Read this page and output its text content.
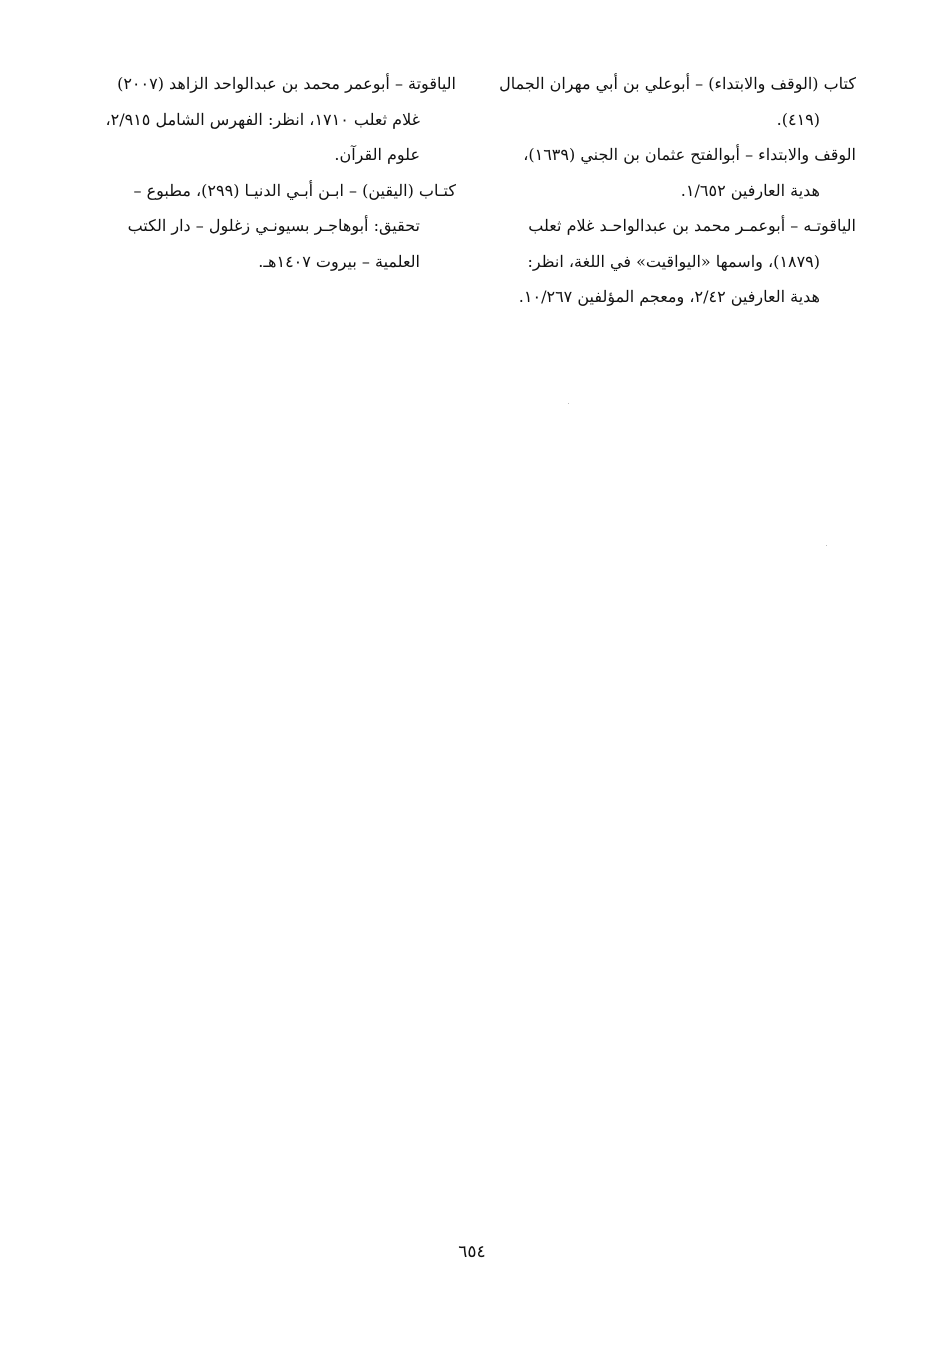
كتاب (الوقف والابتداء) – أبوعلي بن أبي مهران الجمال
(٤١٩).

الوقف والابتداء – أبوالفتح عثمان بن الجني (١٦٣٩)،
هدية العارفين ١/٦٥٢.

الياقوتـه – أبوعمـر محمد بن عبدالواحـد غلام ثعلب
(١٨٧٩)، واسمها «اليواقيت» في اللغة، انظر:
هدية العارفين ٢/٤٢، ومعجم المؤلفين ١٠/٢٦٧.

الياقوتة – أبوعمر محمد بن عبدالواحد الزاهد (٢٠٠٧)
غلام ثعلب ١٧١٠، انظر: الفهرس الشامل ٢/٩١٥،
علوم القرآن.

كتـاب (اليقين) – ابـن أبـي الدنيـا (٢٩٩)، مطبوع –
تحقيق: أبوهاجـر بسيونـي زغلول – دار الكتب
العلمية – بيروت ١٤٠٧هـ.

٦٥٤
